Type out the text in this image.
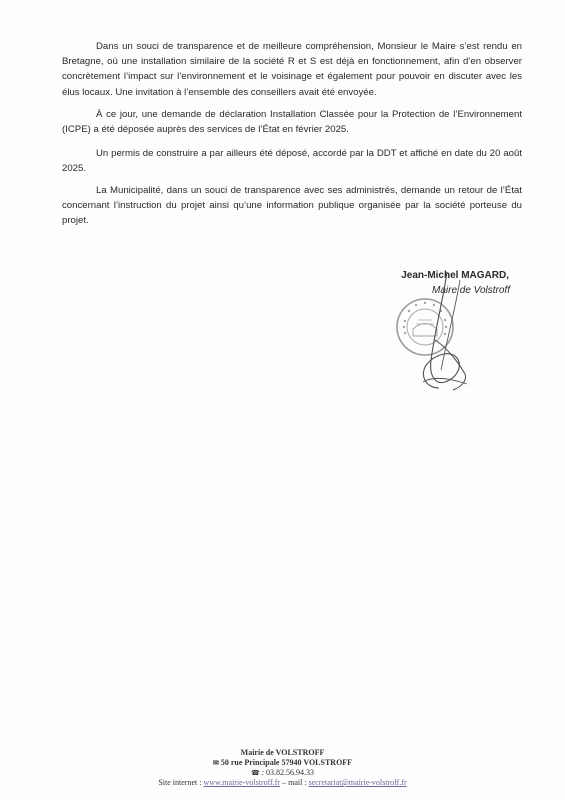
Dans un souci de transparence et de meilleure compréhension, Monsieur le Maire s’est rendu en Bretagne, où une installation similaire de la société R et S est déjà en fonctionnement, afin d’en observer concrètement l’impact sur l’environnement et le voisinage et également pour pouvoir en discuter avec les élus locaux. Une invitation à l’ensemble des conseillers avait été envoyée.

À ce jour, une demande de déclaration Installation Classée pour la Protection de l’Environnement (ICPE) a été déposée auprès des services de l’État en février 2025.

Un permis de construire a par ailleurs été déposé, accordé par la DDT et affiché en date du 20 août 2025.

La Municipalité, dans un souci de transparence avec ses administrés, demande un retour de l’État concernant l’instruction du projet ainsi qu’une information publique organisée par la société porteuse du projet.

Jean-Michel MAGARD,
Maire de Volstroff
Mairie de VOLSTROFF
✉ 50 rue Principale 57940 VOLSTROFF
☎ : 03.82.56.94.33
Site internet : www.mairie-volstroff.fr – mail : secretariat@mairie-volstroff.fr
